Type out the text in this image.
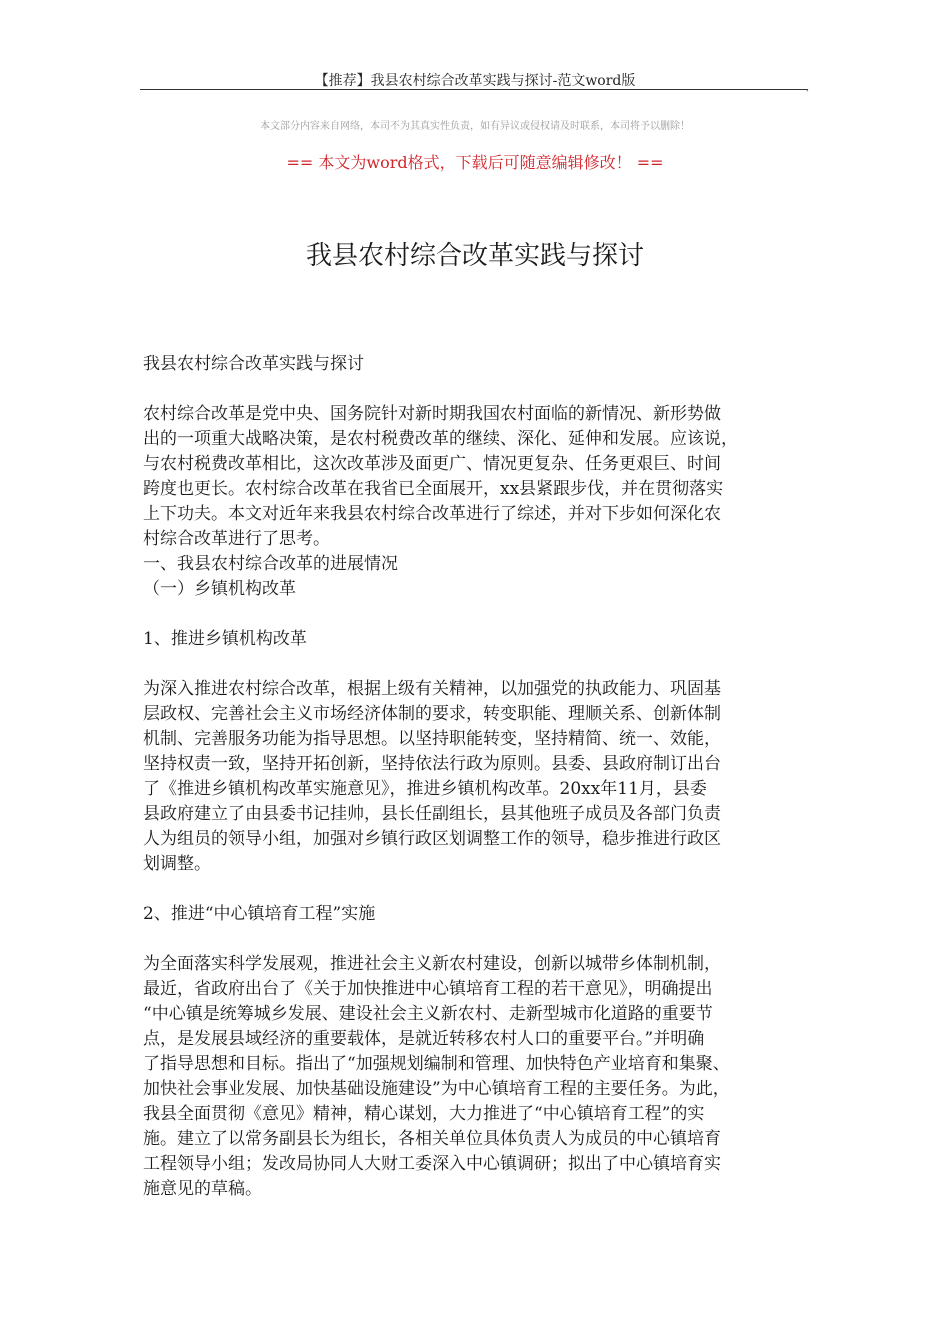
【推荐】我县农村综合改革实践与探讨-范文word版	,
本文部分内容来自网络，本司不为其真实性负责，如有异议或侵权请及时联系，本司将予以删除！
== 本文为word格式，下载后可随意编辑修改！ ==
我县农村综合改革实践与探讨

我县农村综合改革实践与探讨

农村综合改革是党中央、国务院针对新时期我国农村面临的新情况、新形势做

出的一项重大战略决策，是农村税费改革的继续、深化、延伸和发展。应该说，

与农村税费改革相比，这次改革涉及面更广、情况更复杂、任务更艰巨、时间

跨度也更长。农村综合改革在我省已全面展开，xx县紧跟步伐，并在贯彻落实

上下功夫。本文对近年来我县农村综合改革进行了综述，并对下步如何深化农

村综合改革进行了思考。

一、我县农村综合改革的进展情况

（一）乡镇机构改革

1、推进乡镇机构改革

为深入推进农村综合改革，根据上级有关精神，以加强党的执政能力、巩固基

层政权、完善社会主义市场经济体制的要求，转变职能、理顺关系、创新体制

机制、完善服务功能为指导思想。以坚持职能转变，坚持精简、统一、效能，

坚持权责一致，坚持开拓创新，坚持依法行政为原则。县委、县政府制订出台

了《推进乡镇机构改革实施意见》，推进乡镇机构改革。20xx年11月，县委

县政府建立了由县委书记挂帅，县长任副组长，县其他班子成员及各部门负责

人为组员的领导小组，加强对乡镇行政区划调整工作的领导，稳步推进行政区

划调整。

2、推进“中心镇培育工程”实施

为全面落实科学发展观，推进社会主义新农村建设，创新以城带乡体制机制，

最近，省政府出台了《关于加快推进中心镇培育工程的若干意见》，明确提出

“中心镇是统筹城乡发展、建设社会主义新农村、走新型城市化道路的重要节

点，是发展县域经济的重要载体，是就近转移农村人口的重要平台。”并明确

了指导思想和目标。指出了“加强规划编制和管理、加快特色产业培育和集聚、

加快社会事业发展、加快基础设施建设”为中心镇培育工程的主要任务。为此，

我县全面贯彻《意见》精神，精心谋划，大力推进了“中心镇培育工程”的实

施。建立了以常务副县长为组长，各相关单位具体负责人为成员的中心镇培育

工程领导小组；发改局协同人大财工委深入中心镇调研；拟出了中心镇培育实

施意见的草稿。
